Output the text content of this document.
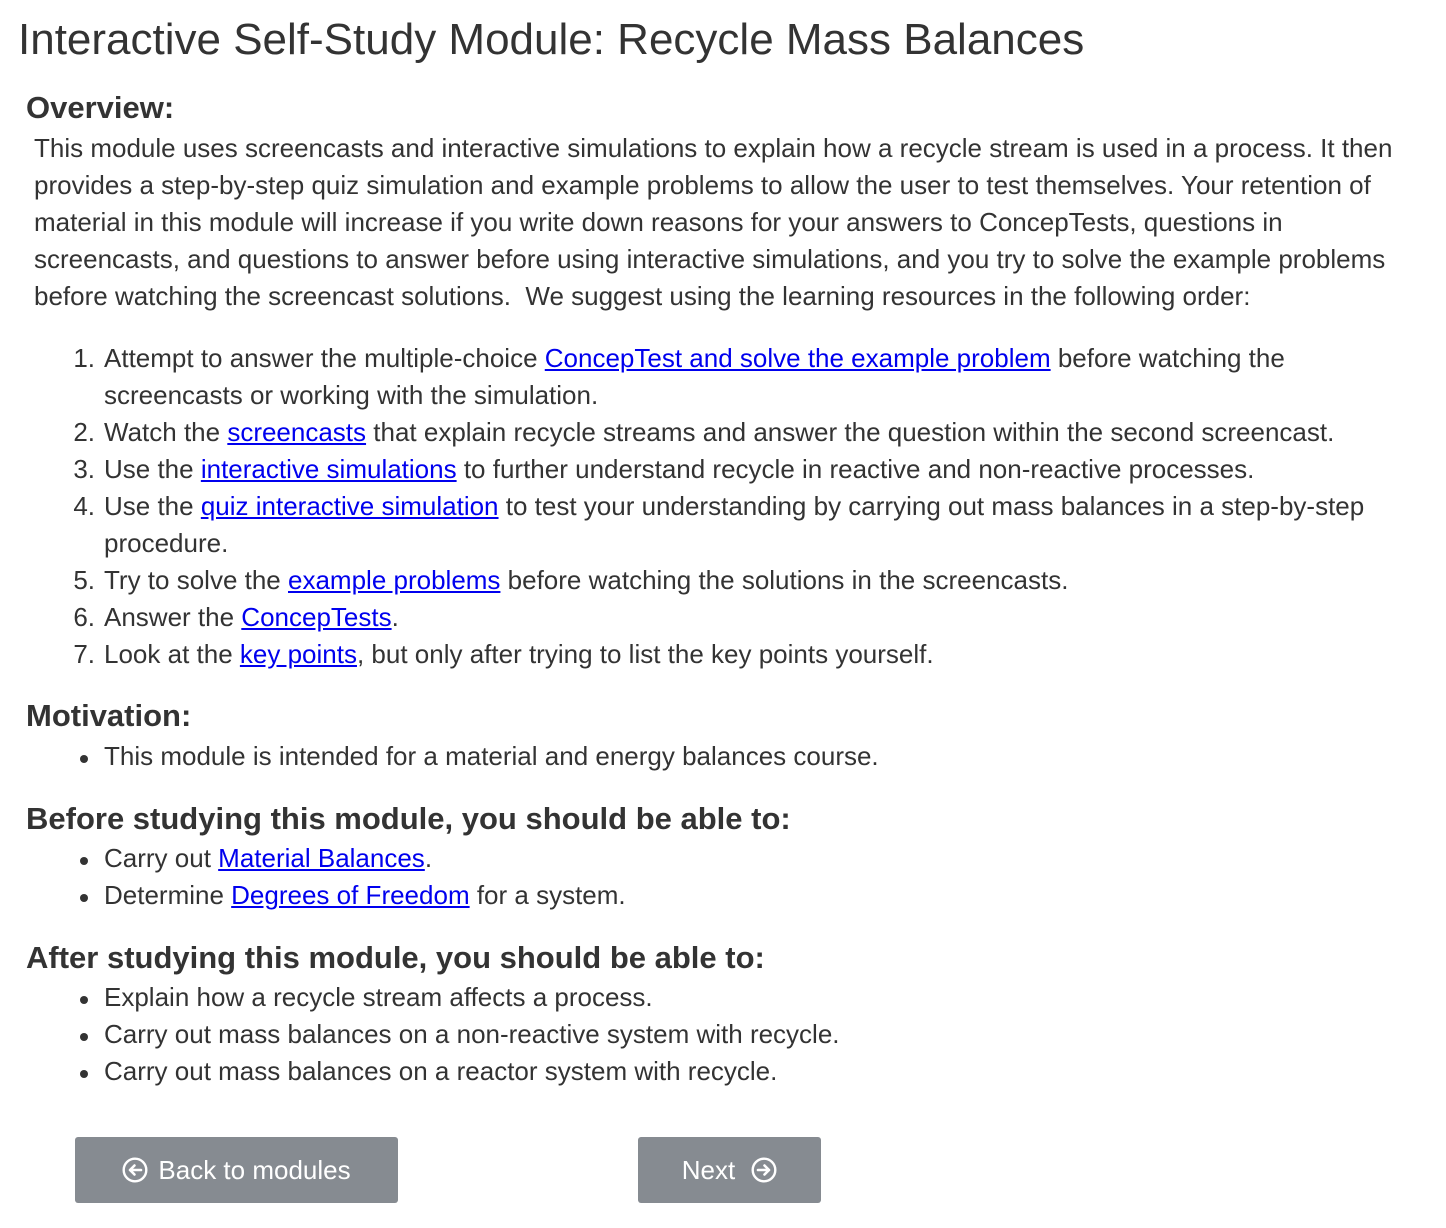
Interactive Self-Study Module: Recycle Mass Balances
Overview:

This module uses screencasts and interactive simulations to explain how a recycle stream is used in a process. It then provides a step-by-step quiz simulation and example problems to allow the user to test themselves. Your retention of material in this module will increase if you write down reasons for your answers to ConcepTests, questions in screencasts, and questions to answer before using interactive simulations, and you try to solve the example problems before watching the screencast solutions.  We suggest using the learning resources in the following order:

1. Attempt to answer the multiple-choice ConcepTest and solve the example problem before watching the screencasts or working with the simulation.
2. Watch the screencasts that explain recycle streams and answer the question within the second screencast.
3. Use the interactive simulations to further understand recycle in reactive and non-reactive processes.
4. Use the quiz interactive simulation to test your understanding by carrying out mass balances in a step-by-step procedure.
5. Try to solve the example problems before watching the solutions in the screencasts.
6. Answer the ConcepTests.
7. Look at the key points, but only after trying to list the key points yourself.
Motivation:
This module is intended for a material and energy balances course.
Before studying this module, you should be able to:
Carry out Material Balances.
Determine Degrees of Freedom for a system.
After studying this module, you should be able to:
Explain how a recycle stream affects a process.
Carry out mass balances on a non-reactive system with recycle.
Carry out mass balances on a reactor system with recycle.
Back to modules	Next
